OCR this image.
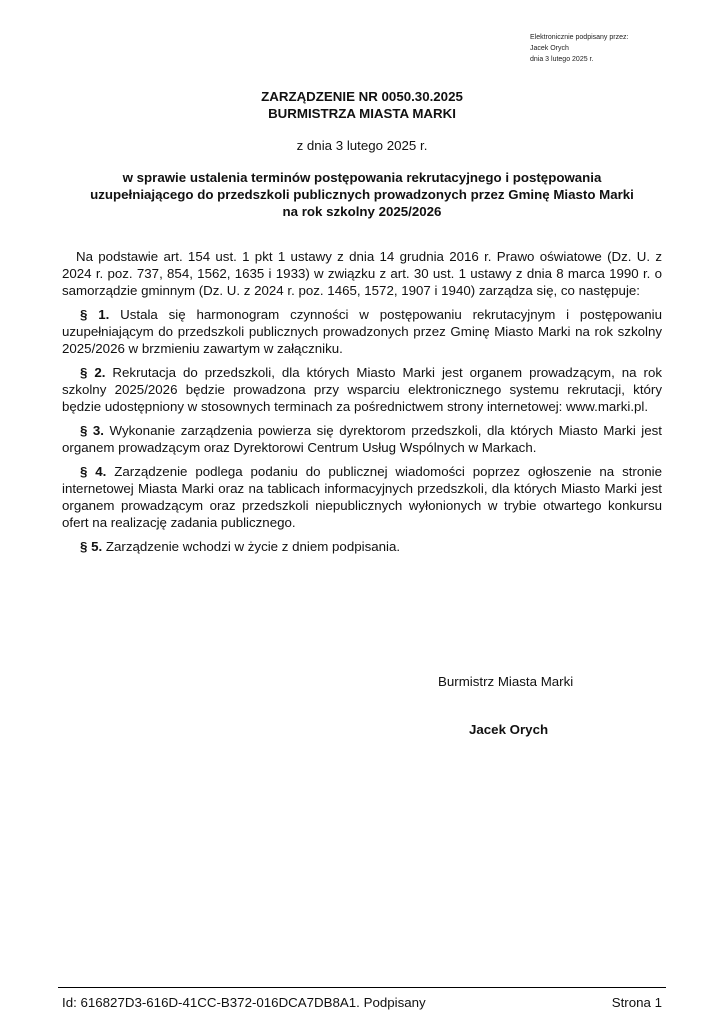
Elektronicznie podpisany przez:
Jacek Orych
dnia 3 lutego 2025 r.
ZARZĄDZENIE NR 0050.30.2025
BURMISTRZA MIASTA MARKI
z dnia 3 lutego 2025 r.
w sprawie ustalenia terminów postępowania rekrutacyjnego i postępowania
uzupełniającego do przedszkoli publicznych prowadzonych przez Gminę Miasto Marki
na rok szkolny 2025/2026

Na podstawie art. 154 ust. 1 pkt 1 ustawy z dnia 14 grudnia 2016 r. Prawo oświatowe (Dz. U. z 2024 r. poz. 737, 854, 1562, 1635 i 1933) w związku z art. 30 ust. 1 ustawy z dnia 8 marca 1990 r. o samorządzie gminnym (Dz. U. z 2024 r. poz. 1465, 1572, 1907 i 1940) zarządza się, co następuje:

§ 1. Ustala się harmonogram czynności w postępowaniu rekrutacyjnym i postępowaniu uzupełniającym do przedszkoli publicznych prowadzonych przez Gminę Miasto Marki na rok szkolny 2025/2026 w brzmieniu zawartym w załączniku.

§ 2. Rekrutacja do przedszkoli, dla których Miasto Marki jest organem prowadzącym, na rok szkolny 2025/2026 będzie prowadzona przy wsparciu elektronicznego systemu rekrutacji, który będzie udostępniony w stosownych terminach za pośrednictwem strony internetowej: www.marki.pl.

§ 3. Wykonanie zarządzenia powierza się dyrektorom przedszkoli, dla których Miasto Marki jest organem prowadzącym oraz Dyrektorowi Centrum Usług Wspólnych w Markach.

§ 4. Zarządzenie podlega podaniu do publicznej wiadomości poprzez ogłoszenie na stronie internetowej Miasta Marki oraz na tablicach informacyjnych przedszkoli, dla których Miasto Marki jest organem prowadzącym oraz przedszkoli niepublicznych wyłonionych w trybie otwartego konkursu ofert na realizację zadania publicznego.

§ 5. Zarządzenie wchodzi w życie z dniem podpisania.

Burmistrz Miasta Marki
Jacek Orych
Id: 616827D3-616D-41CC-B372-016DCA7DB8A1. Podpisany	Strona 1
